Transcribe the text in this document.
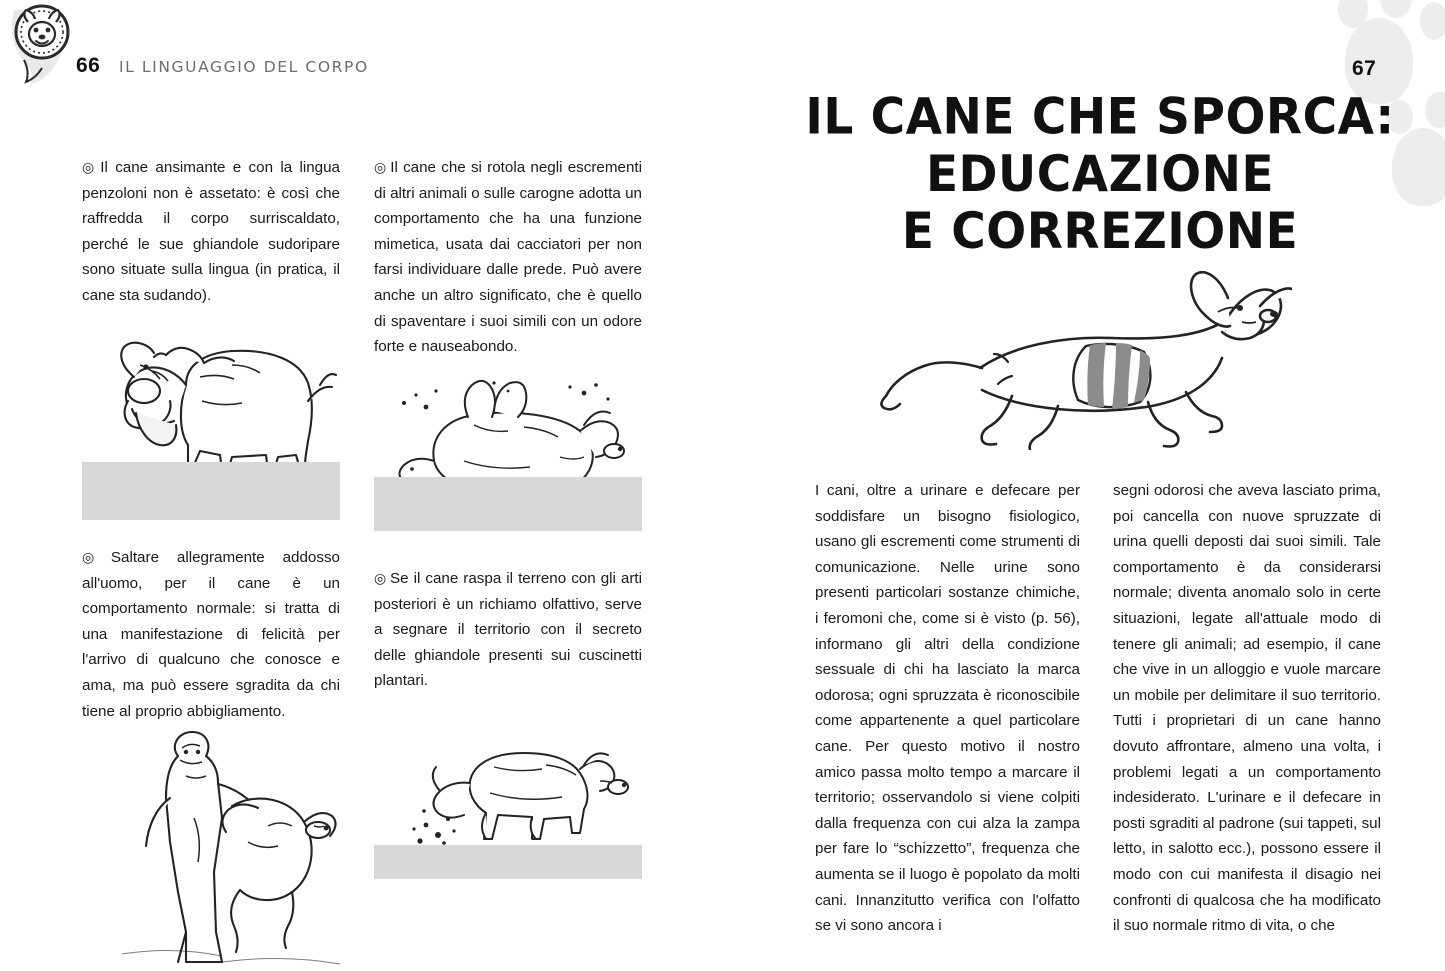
66 IL LINGUAGGIO DEL CORPO	67

◎ Il cane ansimante e con la lingua penzoloni non è assetato: è così che raffredda il corpo surriscaldato, perché le sue ghiandole sudoripare sono situate sulla lingua (in pratica, il cane sta sudando).

◎ Saltare allegramente addosso all'uomo, per il cane è un comportamento normale: si tratta di una manifestazione di felicità per l'arrivo di qualcuno che conosce e ama, ma può essere sgradita da chi tiene al proprio abbigliamento.

◎ Il cane che si rotola negli escrementi di altri animali o sulle carogne adotta un comportamento che ha una funzione mimetica, usata dai cacciatori per non farsi individuare dalle prede. Può avere anche un altro significato, che è quello di spaventare i suoi simili con un odore forte e nauseabondo.

◎ Se il cane raspa il terreno con gli arti posteriori è un richiamo olfattivo, serve a segnare il territorio con il secreto delle ghiandole presenti sui cuscinetti plantari.

IL CANE CHE SPORCA:
EDUCAZIONE
E CORREZIONE
I cani, oltre a urinare e defecare per soddisfare un bisogno fisiologico, usano gli escrementi come strumenti di comunicazione. Nelle urine sono presenti particolari sostanze chimiche, i feromoni che, come si è visto (p. 56), informano gli altri della condizione sessuale di chi ha lasciato la marca odorosa; ogni spruzzata è riconoscibile come appartenente a quel particolare cane. Per questo motivo il nostro amico passa molto tempo a marcare il territorio; osservandolo si viene colpiti dalla frequenza con cui alza la zampa per fare lo “schizzetto”, frequenza che aumenta se il luogo è popolato da molti cani. Innanzitutto verifica con l'olfatto se vi sono ancora i
segni odorosi che aveva lasciato prima, poi cancella con nuove spruzzate di urina quelli deposti dai suoi simili. Tale comportamento è da considerarsi normale; diventa anomalo solo in certe situazioni, legate all'attuale modo di tenere gli animali; ad esempio, il cane che vive in un alloggio e vuole marcare un mobile per delimitare il suo territorio. Tutti i proprietari di un cane hanno dovuto affrontare, almeno una volta, i problemi legati a un comportamento indesiderato. L'urinare e il defecare in posti sgraditi al padrone (sui tappeti, sul letto, in salotto ecc.), possono essere il modo con cui manifesta il disagio nei confronti di qualcosa che ha modificato il suo normale ritmo di vita, o che
